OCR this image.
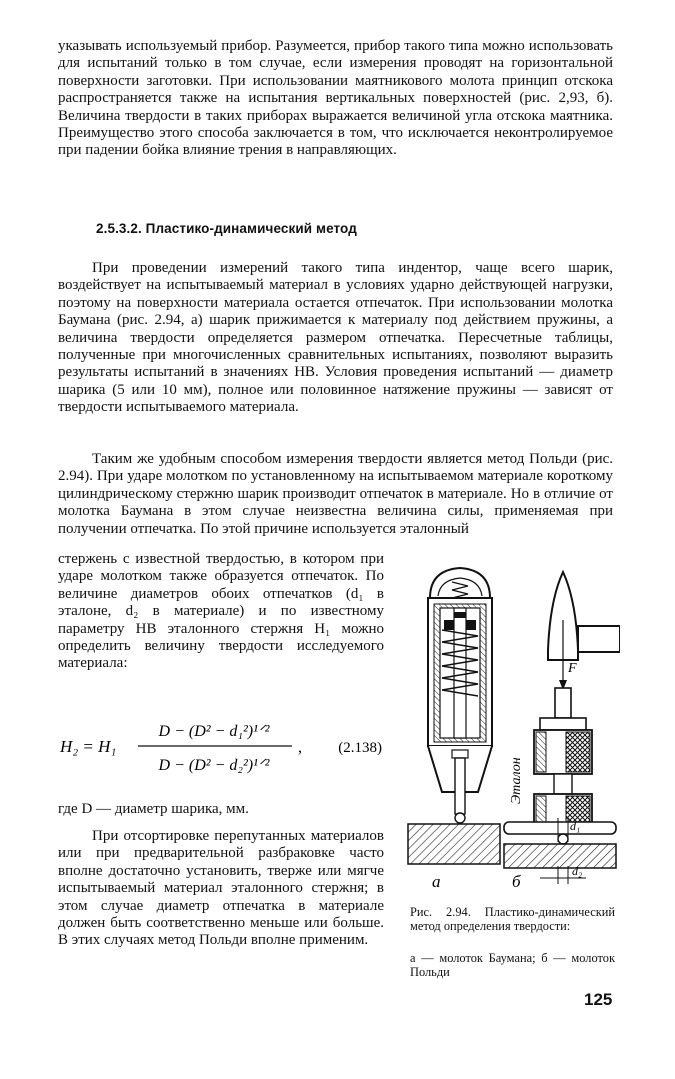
указывать используемый прибор. Разумеется, прибор такого типа можно использовать для испытаний только в том случае, если измерения проводят на горизонтальной поверхности заготовки. При использовании маятникового молота принцип отскока распространяется также на испытания вертикальных поверхностей (рис. 2,93, б). Величина твердости в таких приборах выражается величиной угла отскока маятника. Преимущество этого способа заключается в том, что исключается неконтролируемое при падении бойка влияние трения в направляющих.

2.5.3.2. Пластико-динамический метод

При проведении измерений такого типа индентор, чаще всего шарик, воздействует на испытываемый материал в условиях ударно действующей нагрузки, поэтому на поверхности материала остается отпечаток. При использовании молотка Баумана (рис. 2.94, а) шарик прижимается к материалу под действием пружины, а величина твердости определяется размером отпечатка. Пересчетные таблицы, полученные при многочисленных сравнительных испытаниях, позволяют выразить результаты испытаний в значениях HB. Условия проведения испытаний — диаметр шарика (5 или 10 мм), полное или половинное натяжение пружины — зависят от твердости испытываемого материала.

Таким же удобным способом измерения твердости является метод Польди (рис. 2.94). При ударе молотком по установленному на испытываемом материале короткому цилиндрическому стержню шарик производит отпечаток в материале. Но в отличие от молотка Баумана в этом случае неизвестна величина силы, применяемая при получении отпечатка. По этой причине используется эталонный

стержень с известной твердостью, в котором при ударе молотком также образуется отпечаток. По величине диаметров обоих отпечатков (d₁ в эталоне, d₂ в материале) и по известному параметру HB эталонного стержня H₁ можно определить величину твердости исследуемого материала:

H₂ = H₁
D − (D² − d₁²)¹ᐟ²
D − (D² − d₂²)¹ᐟ²
, (2.138)

где D — диаметр шарика, мм.

При отсортировке перепутанных материалов или при предварительной разбраковке часто вполне достаточно установить, тверже или мягче испытываемый материал эталонного стержня; в этом случае диаметр отпечатка в материале должен быть соответственно меньше или больше. В этих случаях метод Польди вполне применим.

а
F
Эталон
d₁
d₂
б

Рис. 2.94. Пластико-динамический метод определения твердости:

а — молоток Баумана; б — молоток Польди

125
